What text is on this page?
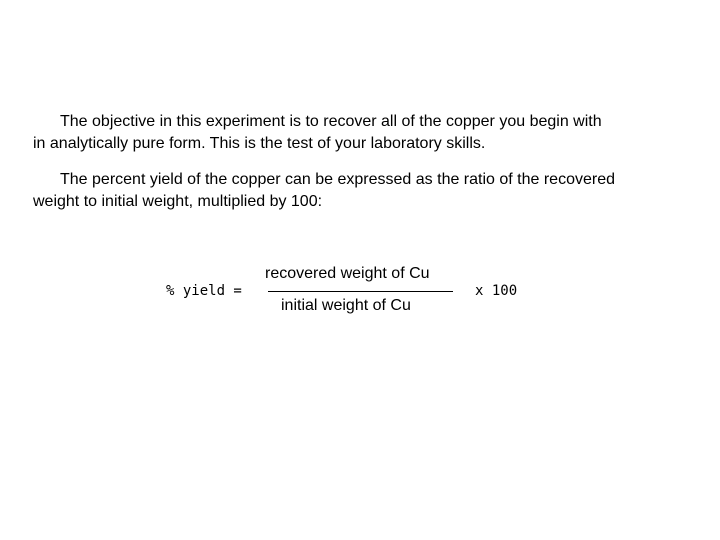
The objective in this experiment is to recover all of the copper you begin with
in analytically pure form. This is the test of your laboratory skills.

The percent yield of the copper can be expressed as the ratio of the recovered
weight to initial weight, multiplied by 100:

% yield =
recovered weight of Cu
initial weight of Cu
x 100
